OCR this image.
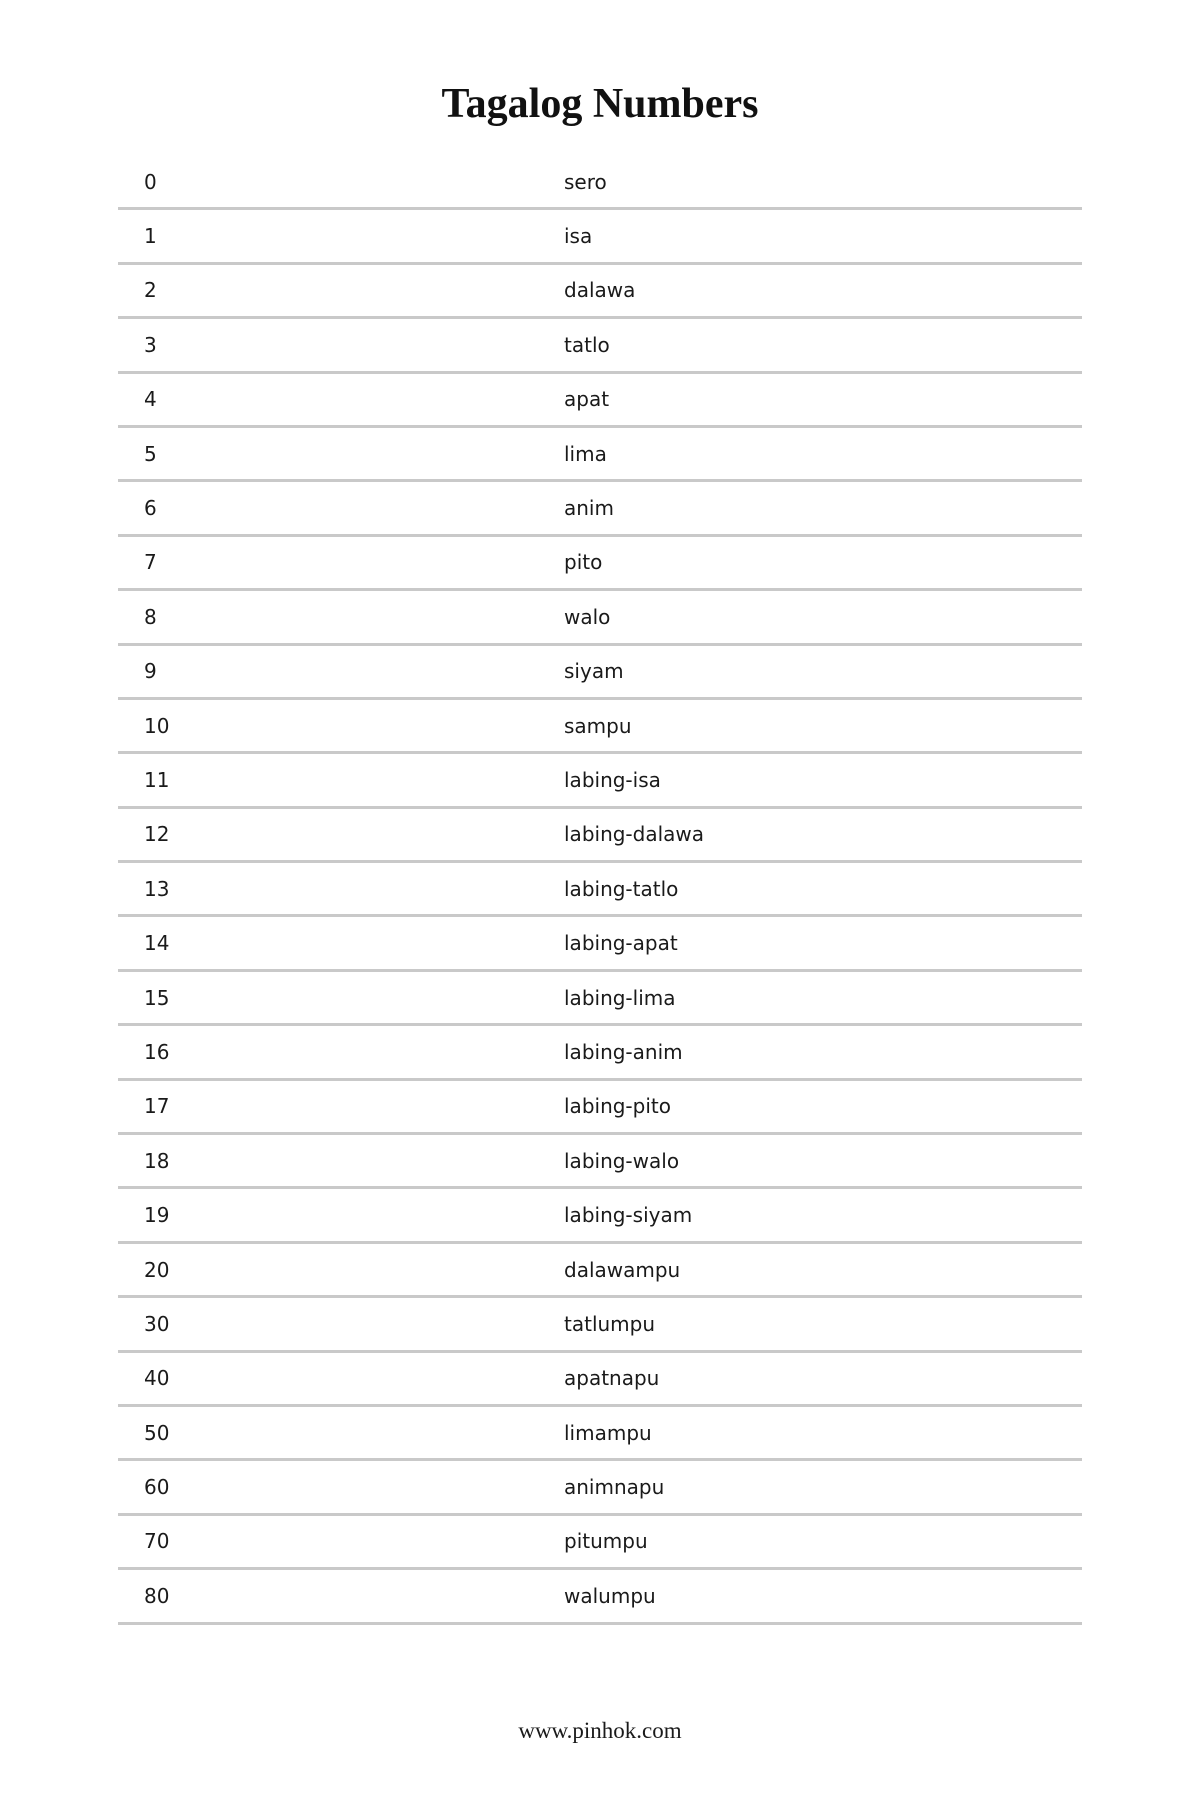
Tagalog Numbers
0	sero
1	isa
2	dalawa
3	tatlo
4	apat
5	lima
6	anim
7	pito
8	walo
9	siyam
10	sampu
11	labing-isa
12	labing-dalawa
13	labing-tatlo
14	labing-apat
15	labing-lima
16	labing-anim
17	labing-pito
18	labing-walo
19	labing-siyam
20	dalawampu
30	tatlumpu
40	apatnapu
50	limampu
60	animnapu
70	pitumpu
80	walumpu
www.pinhok.com
